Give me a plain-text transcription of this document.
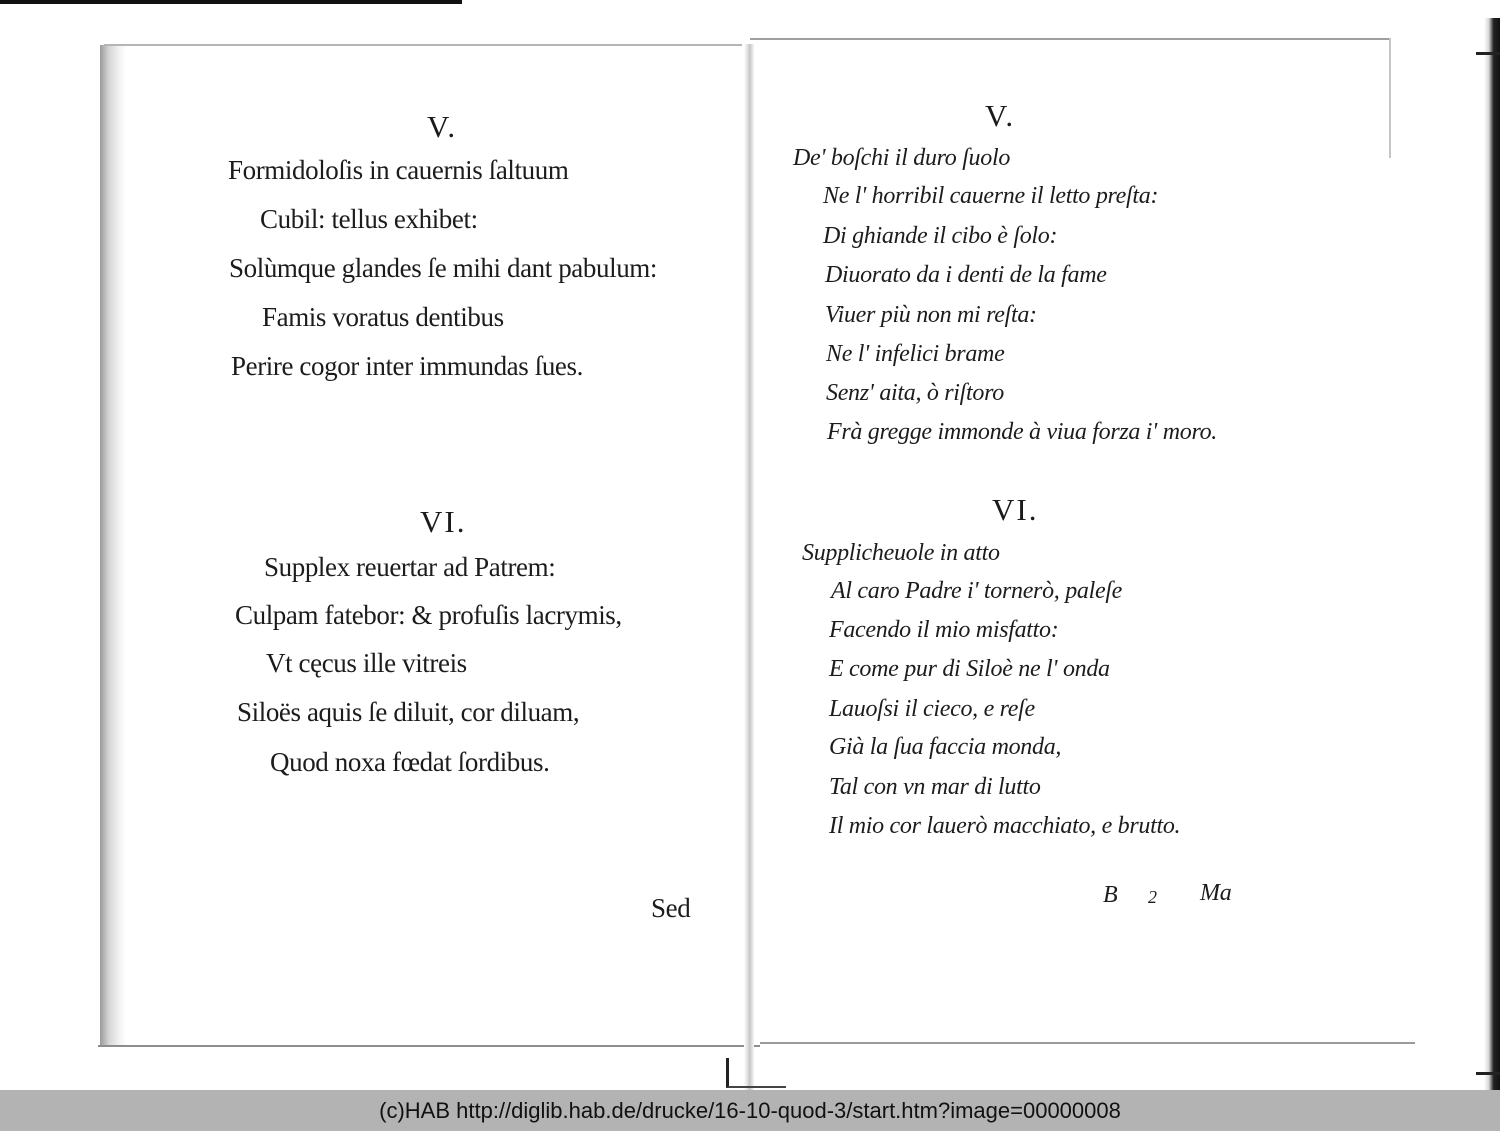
V.
Formidoloſis in cauernis ſaltuum
Cubil: tellus exhibet:
Solùmque glandes ſe mihi dant pabulum:
Famis voratus dentibus
Perire cogor inter immundas ſues.
VI.
Supplex reuertar ad Patrem:
Culpam fatebor: & profuſis lacrymis,
Vt cęcus ille vitreis
Siloës aquis ſe diluit, cor diluam,
Quod noxa fœdat ſordibus.
Sed
V.
De' boſchi il duro ſuolo
Ne l' horribil cauerne il letto preſta:
Di ghiande il cibo è ſolo:
Diuorato da i denti de la fame
Viuer più non mi reſta:
Ne l' infelici brame
Senz' aita, ò riſtoro
Frà gregge immonde à viua forza i' moro.
VI.
Supplicheuole in atto
Al caro Padre i' tornerò, paleſe
Facendo il mio misfatto:
E come pur di Siloè ne l' onda
Lauoſsi il cieco, e reſe
Già la ſua faccia monda,
Tal con vn mar di lutto
Il mio cor lauerò macchiato, e brutto.
B 2 Ma
(c)HAB http://diglib.hab.de/drucke/16-10-quod-3/start.htm?image=00000008
